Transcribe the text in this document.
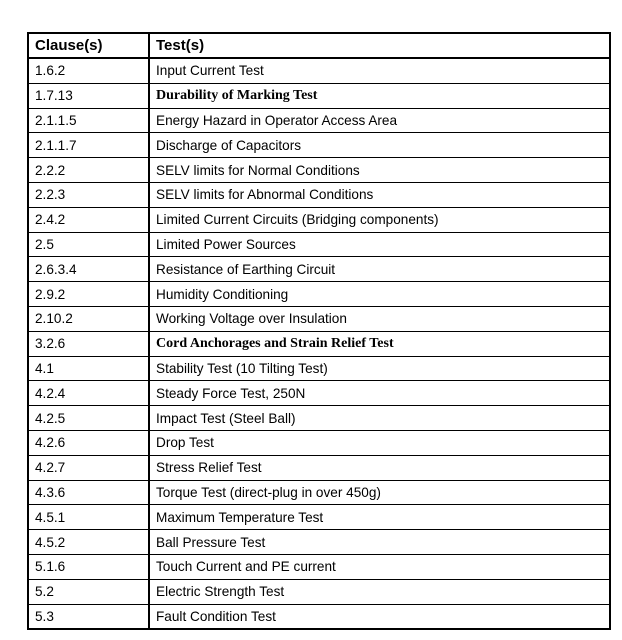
Clause(s)	Test(s)
1.6.2	Input Current Test
1.7.13	Durability of Marking Test
2.1.1.5	Energy Hazard in Operator Access Area
2.1.1.7	Discharge of Capacitors
2.2.2	SELV limits for Normal Conditions
2.2.3	SELV limits for Abnormal Conditions
2.4.2	Limited Current Circuits (Bridging components)
2.5	Limited Power Sources
2.6.3.4	Resistance of Earthing Circuit
2.9.2	Humidity Conditioning
2.10.2	Working Voltage over Insulation
3.2.6	Cord Anchorages and Strain Relief Test
4.1	Stability Test (10 Tilting Test)
4.2.4	Steady Force Test, 250N
4.2.5	Impact Test (Steel Ball)
4.2.6	Drop Test
4.2.7	Stress Relief Test
4.3.6	Torque Test (direct-plug in over 450g)
4.5.1	Maximum Temperature Test
4.5.2	Ball Pressure Test
5.1.6	Touch Current and PE current
5.2	Electric Strength Test
5.3	Fault Condition Test
